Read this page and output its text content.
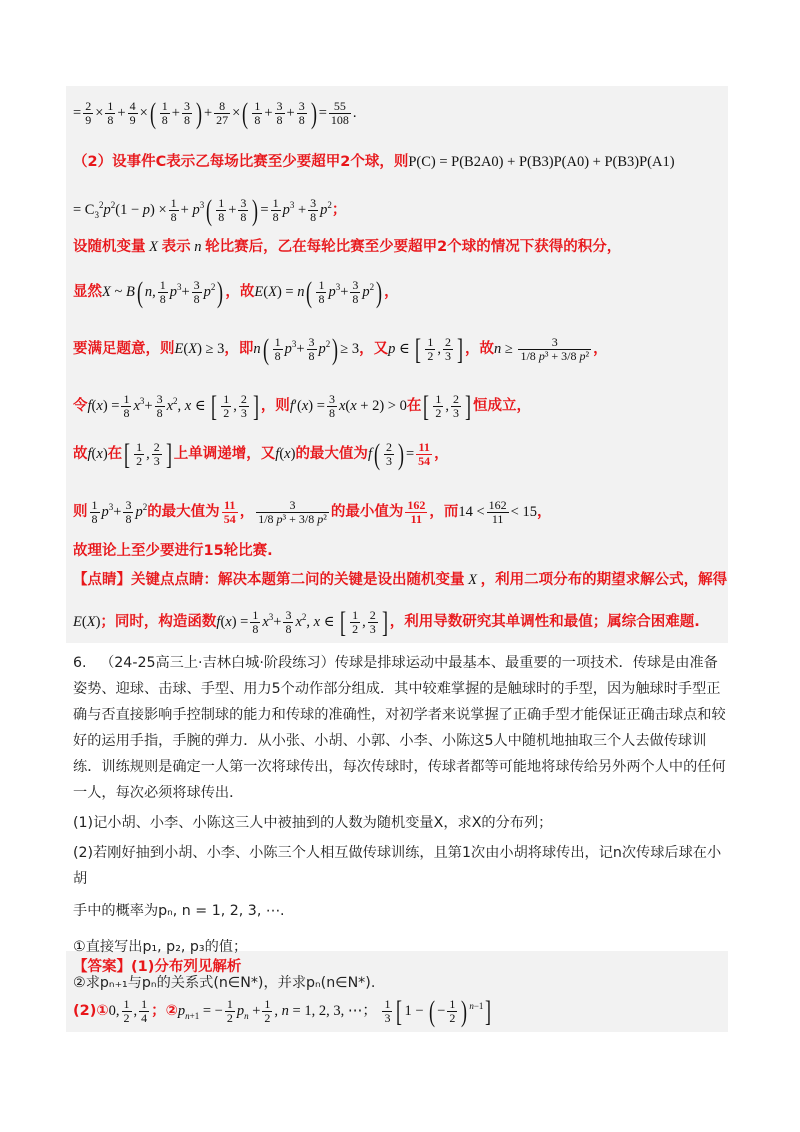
= $\frac{2}{9} \times \frac{1}{8} + \frac{4}{9}$ ×( $\frac{1}{8} + \frac{3}{8}$ ) + $\frac{8}{27}$ ×( $\frac{1}{8} + \frac{3}{8} + \frac{3}{8}$ ) = $\frac{55}{108}$ .
（2）设事件C表示乙每场比赛至少要超甲2个球，则P(C) = P(B2A0) + P(B3)P(A0) + P(B3)P(A1)
= $C_3^2p^2(1 - p) \times \frac{1}{8} + p^3( \frac{1}{8} + \frac{3}{8}$ ) = $\frac{1}{8} p^3 + \frac{3}{8} p^2$；
设随机变量 X 表示 n 轮比赛后，乙在每轮比赛至少要超甲2个球的情况下获得的积分，
显然X ~ B( n, $\frac{1}{8} p^3+ \frac{3}{8} p^2$) ，故$E(X) = n( \frac{1}{8} p^3+ \frac{3}{8} p^2)$ ，
要满足题意，则E(X) ≥ 3，即$n( \frac{1}{8} p^3+ \frac{3}{8} p^2) \ge 3$，又p ∈ [ $\frac{1}{2}$ , $\frac{2}{3}$ ] ，故$n \ge \frac{3}{\text{1/8 p³ + 3/8 p²}}$ ，
令$f(x) = \frac{1}{8} x^3+ \frac{3}{8} x^2$, x ∈ [ $\frac{1}{2}$ , $\frac{2}{3}$ ] ，则$f'(x) = \frac{3}{8} x(x + 2) > 0$在[ $\frac{1}{2}$ , $\frac{2}{3}$ ] 恒成立，
故f(x)在[ $\frac{1}{2}$ , $\frac{2}{3}$ ] 上单调递增，又f(x)的最大值为$f( \frac{2}{3}$ ) = $\frac{11}{54}$ ，
则 $\frac{1}{8} p^3+ \frac{3}{8} p^2$的最大值为 $\frac{11}{54}$ ， $\frac{3}{\text{1/8 p³ + 3/8 p²}}$ 的最小值为 $\frac{162}{11}$ ，而$14 < \frac{162}{11} < 15$，
故理论上至少要进行15轮比赛.
【点睛】关键点点睛：解决本题第二问的关键是设出随机变量 X ，利用二项分布的期望求解公式，解得
E(X)；同时，构造函数$f(x) = \frac{1}{8} x^3+ \frac{3}{8} x^2$, x ∈ [ $\frac{1}{2}$ , $\frac{2}{3}$ ] ，利用导数研究其单调性和最值；属综合困难题.

6. （24-25高三上·吉林白城·阶段练习）传球是排球运动中最基本、最重要的一项技术．传球是由准备姿势、迎球、击球、手型、用力5个动作部分组成．其中较难掌握的是触球时的手型，因为触球时手型正确与否直接影响手控制球的能力和传球的准确性，对初学者来说掌握了正确手型才能保证正确击球点和较好的运用手指，手腕的弹力．从小张、小胡、小郭、小李、小陈这5人中随机地抽取三个人去做传球训练．训练规则是确定一人第一次将球传出，每次传球时，传球者都等可能地将球传给另外两个人中的任何一人，每次必须将球传出．

(1)记小胡、小李、小陈这三人中被抽到的人数为随机变量X，求X的分布列；

(2)若刚好抽到小胡、小李、小陈三个人相互做传球训练，且第1次由小胡将球传出，记n次传球后球在小胡

手中的概率为pₙ, n = 1, 2, 3, ⋯.

①直接写出p₁, p₂, p₃的值；

②求pₙ₊₁与pₙ的关系式(n∈N*)，并求pₙ(n∈N*).

【答案】(1)分布列见解析
(2)①0, $\frac{1}{2}$ , $\frac{1}{4}$ ；$②p_{n+1}$ = − $\frac{1}{2} p_n + \frac{1}{2}$ , n = 1, 2, 3, ⋯； $\frac{1}{3}$ [ 1 − ( − $\frac{1}{2}$ ) $^{n-1}$]
